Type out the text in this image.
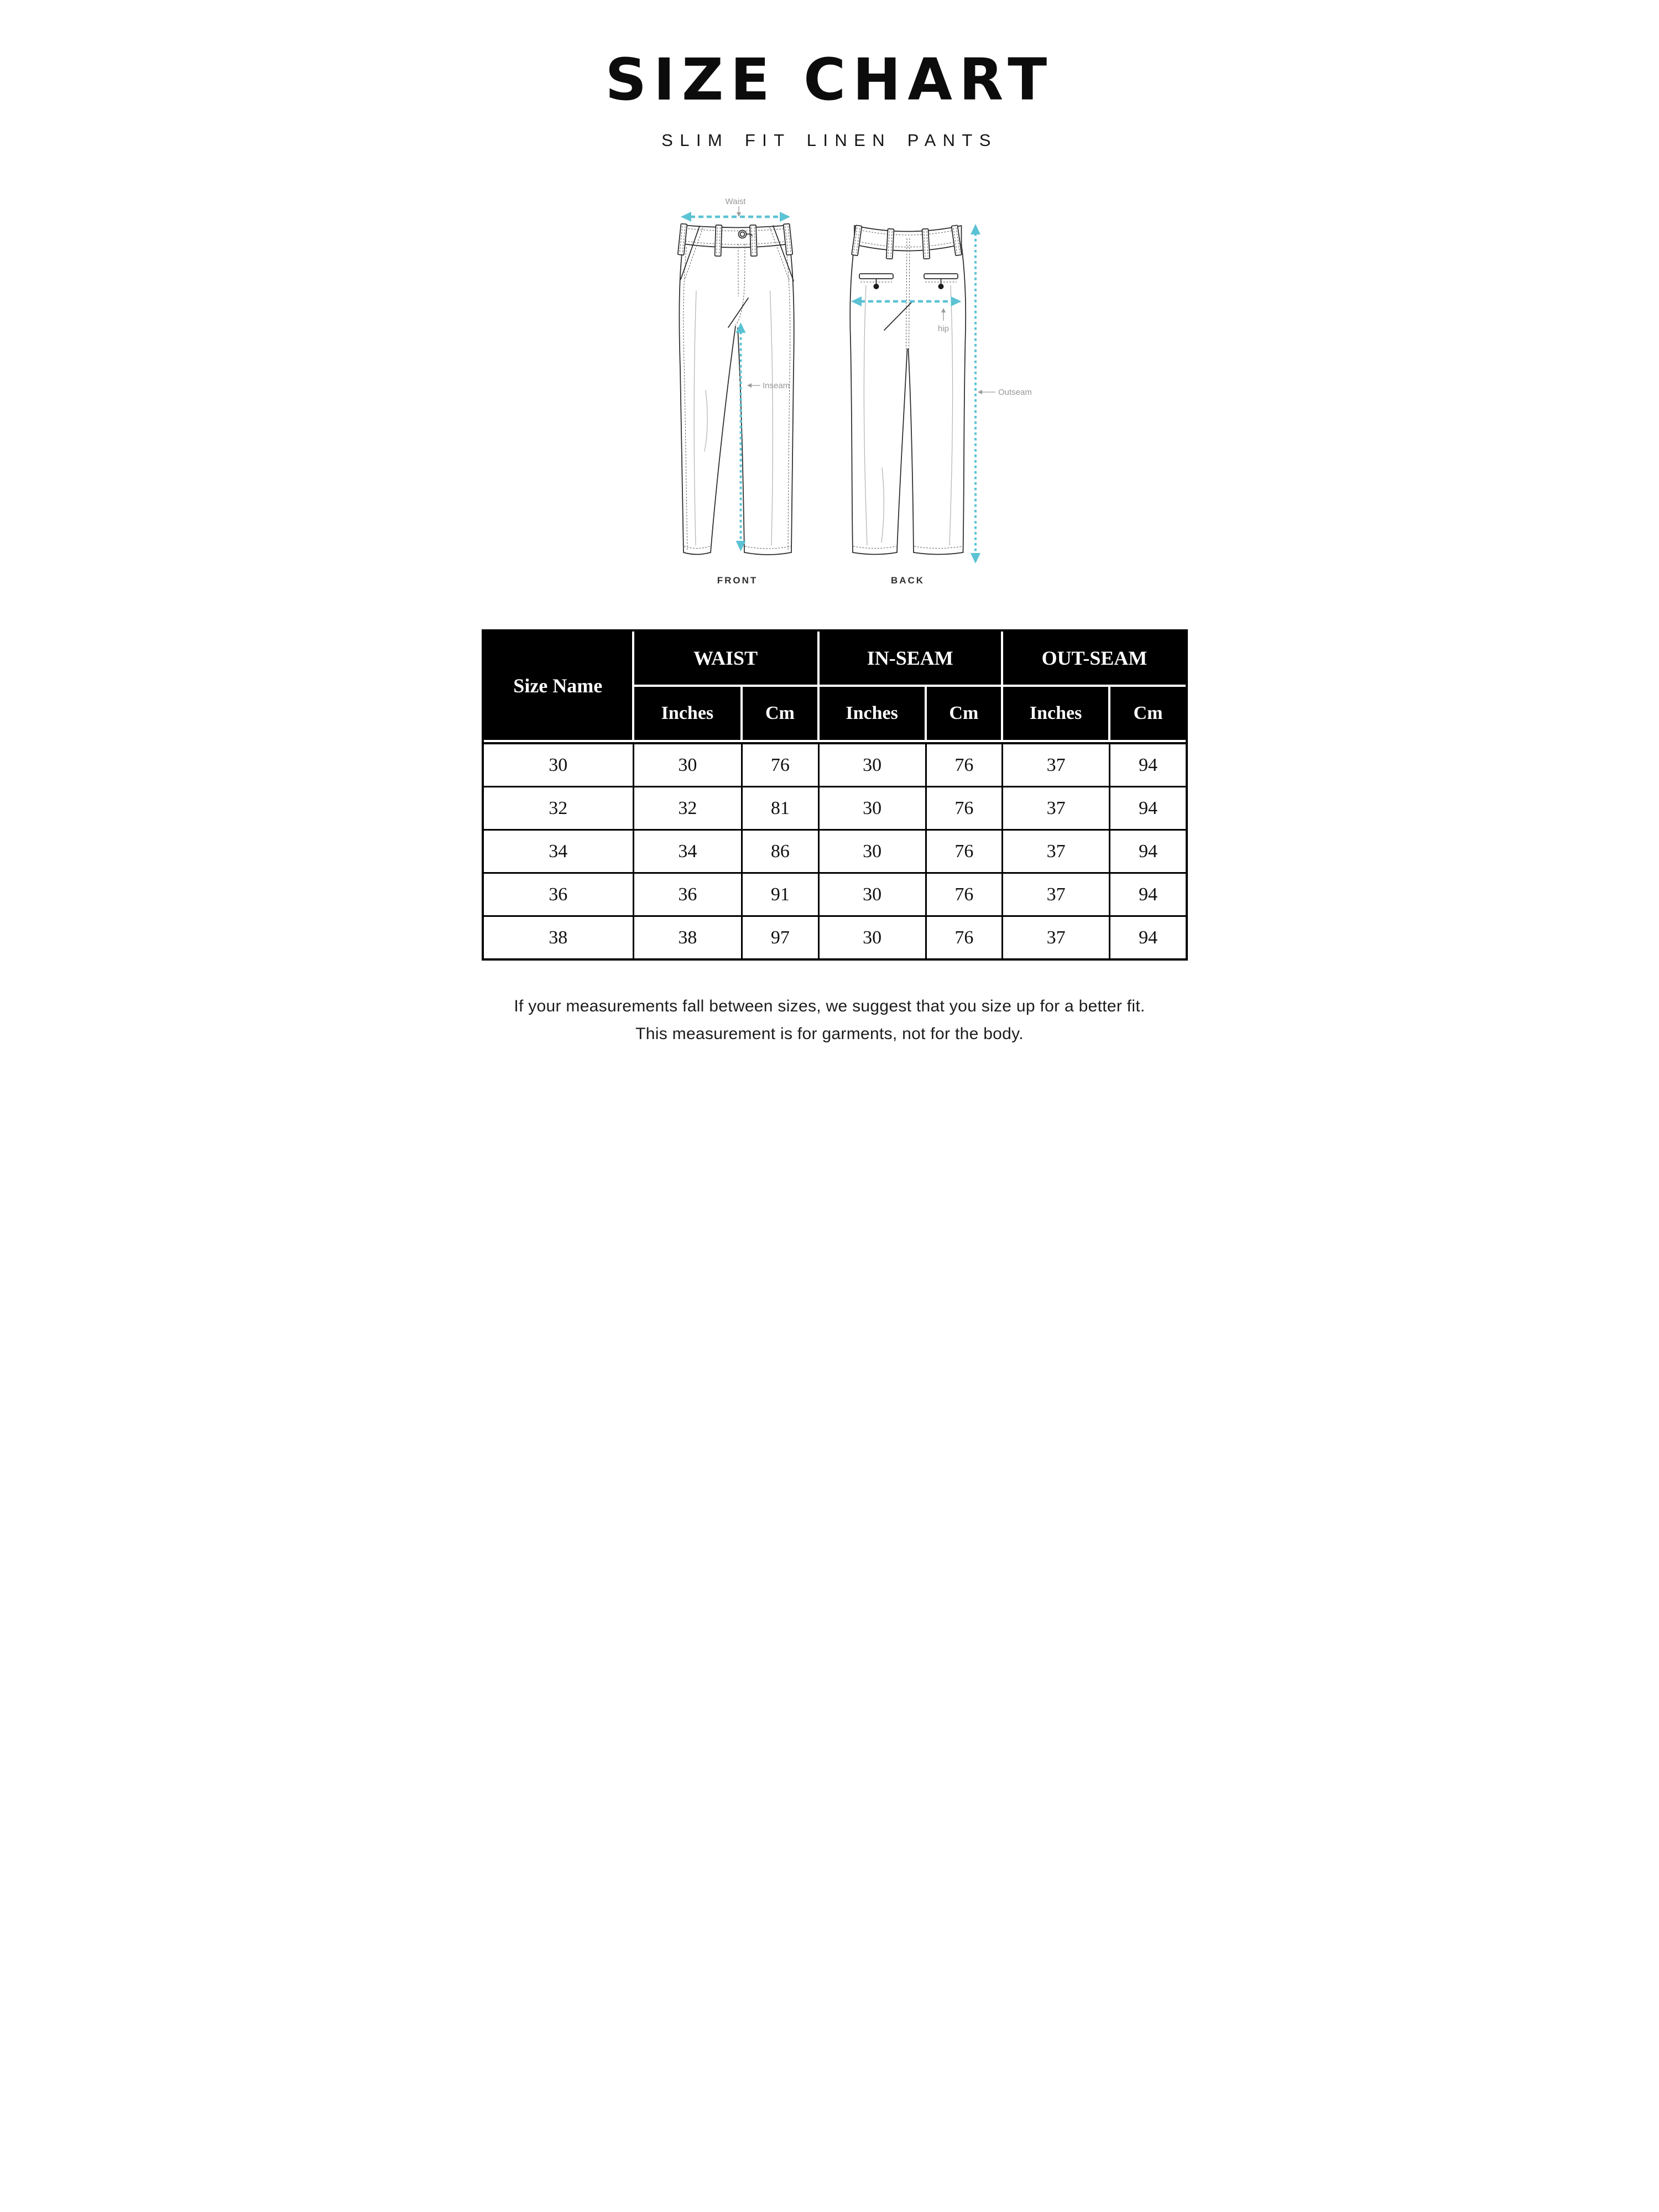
SIZE CHART
SLIM FIT LINEN PANTS
Waist
Inseam
hip
Outseam
FRONT	BACK
Size Name	WAIST		IN-SEAM		OUT-SEAM	
	Inches	Cm	Inches	Cm	Inches	Cm
30	30	76	30	76	37	94
32	32	81	30	76	37	94
34	34	86	30	76	37	94
36	36	91	30	76	37	94
38	38	97	30	76	37	94
If your measurements fall between sizes, we suggest that you size up for a better fit.
This measurement is for garments, not for the body.
